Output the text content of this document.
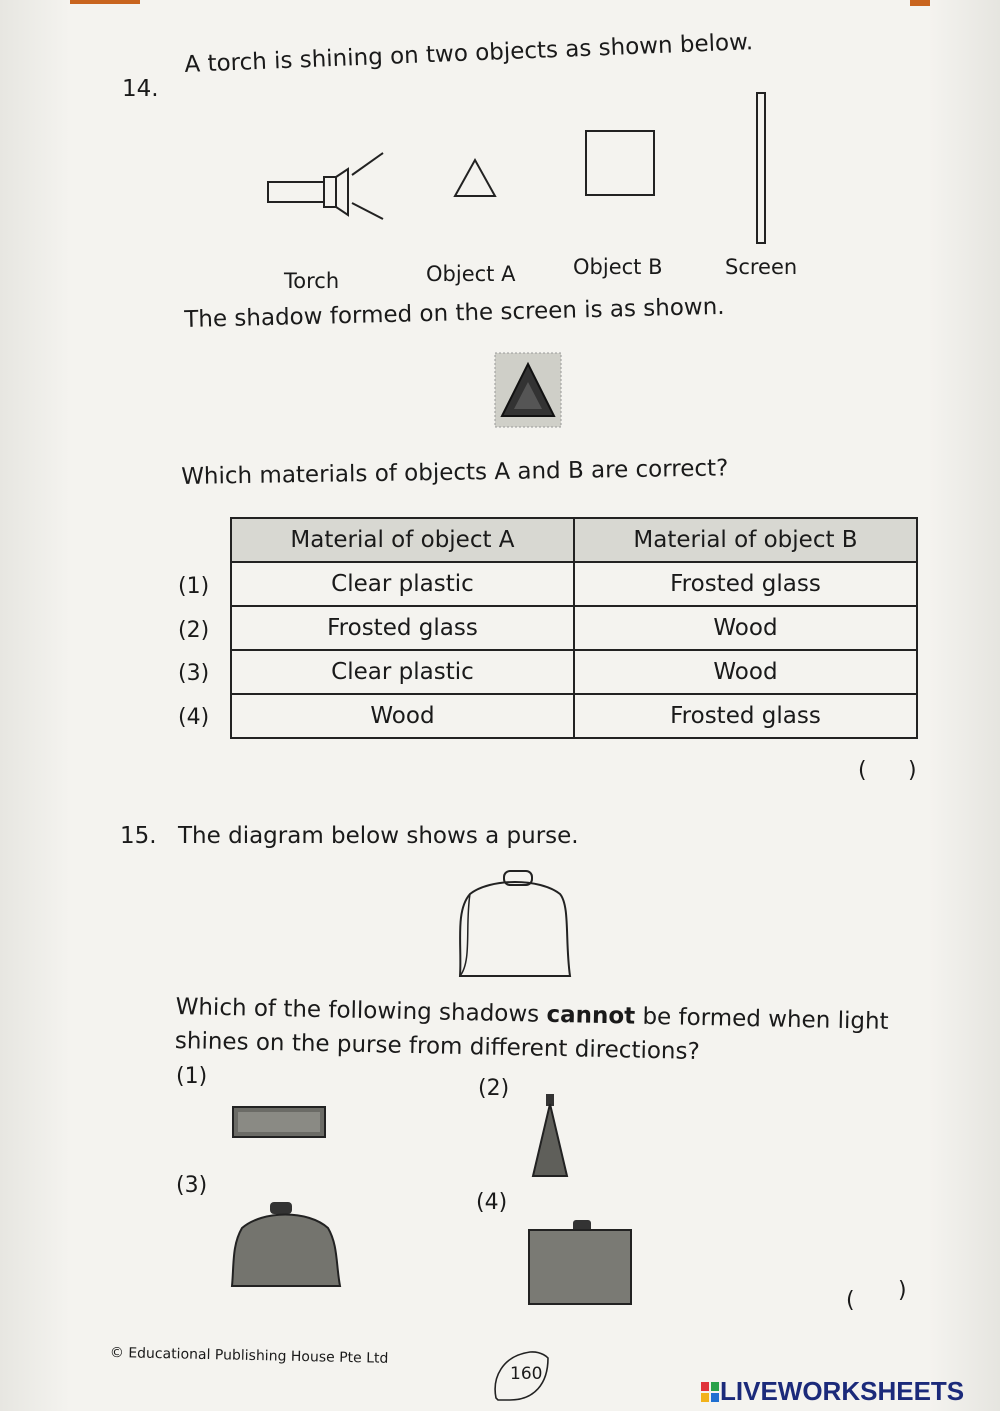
14.
A torch is shining on two objects as shown below.
Torch	Object A	Object B	Screen
The shadow formed on the screen is as shown.
Which materials of objects A and B are correct?
Material of object A	Material of object B
Clear plastic	Frosted glass
Frosted glass	Wood
Clear plastic	Wood
Wood	Frosted glass
(1)
(2)
(3)
(4)
( )
15. The diagram below shows a purse.
Which of the following shadows cannot be formed when light shines on the purse from different directions?
(1)	(2)
(3)
(4)
( )
© Educational Publishing House Pte Ltd
160
LIVEWORKSHEETS
